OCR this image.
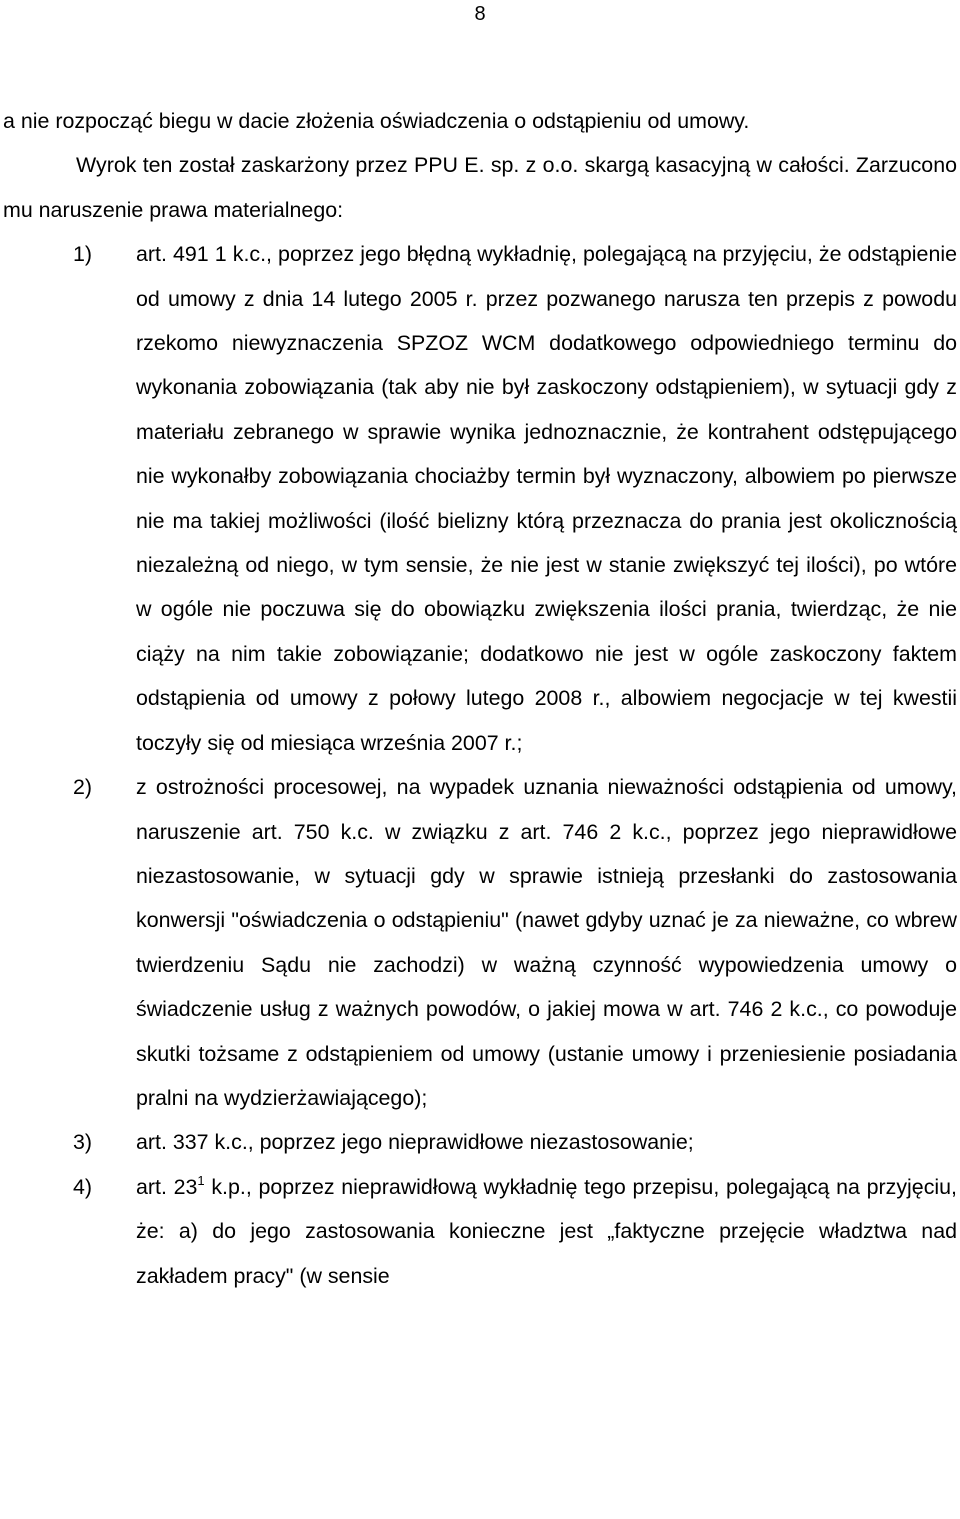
8

a nie rozpocząć biegu w dacie złożenia oświadczenia o odstąpieniu od umowy.

Wyrok ten został zaskarżony przez PPU E. sp. z o.o. skargą kasacyjną w całości. Zarzucono mu naruszenie prawa materialnego:

1)	art. 491 1 k.c., poprzez jego błędną wykładnię, polegającą na przyjęciu, że odstąpienie od umowy z dnia 14 lutego 2005 r. przez pozwanego narusza ten przepis z powodu rzekomo niewyznaczenia SPZOZ WCM dodatkowego odpowiedniego terminu do wykonania zobowiązania (tak aby nie był zaskoczony odstąpieniem), w sytuacji gdy z materiału zebranego w sprawie wynika jednoznacznie, że kontrahent odstępującego nie wykonałby zobowiązania chociażby termin był wyznaczony, albowiem po pierwsze nie ma takiej możliwości (ilość bielizny którą przeznacza do prania jest okolicznością niezależną od niego, w tym sensie, że nie jest w stanie zwiększyć tej ilości), po wtóre w ogóle nie poczuwa się do obowiązku zwiększenia ilości prania, twierdząc, że nie ciąży na nim takie zobowiązanie; dodatkowo nie jest w ogóle zaskoczony faktem odstąpienia od umowy z połowy lutego 2008 r., albowiem negocjacje w tej kwestii toczyły się od miesiąca września 2007 r.;
2)	z ostrożności procesowej, na wypadek uznania nieważności odstąpienia od umowy, naruszenie art. 750 k.c. w związku z art. 746 2 k.c., poprzez jego nieprawidłowe niezastosowanie, w sytuacji gdy w sprawie istnieją przesłanki do zastosowania konwersji "oświadczenia o odstąpieniu" (nawet gdyby uznać je za nieważne, co wbrew twierdzeniu Sądu nie zachodzi) w ważną czynność wypowiedzenia umowy o świadczenie usług z ważnych powodów, o jakiej mowa w art. 746 2 k.c., co powoduje skutki tożsame z odstąpieniem od umowy (ustanie umowy i przeniesienie posiadania pralni na wydzierżawiającego);
3)	art. 337 k.c., poprzez jego nieprawidłowe niezastosowanie;
4)	art. $23^1$ k.p., poprzez nieprawidłową wykładnię tego przepisu, polegającą na przyjęciu, że: a) do jego zastosowania konieczne jest „faktyczne przejęcie władztwa nad zakładem pracy" (w sensie
